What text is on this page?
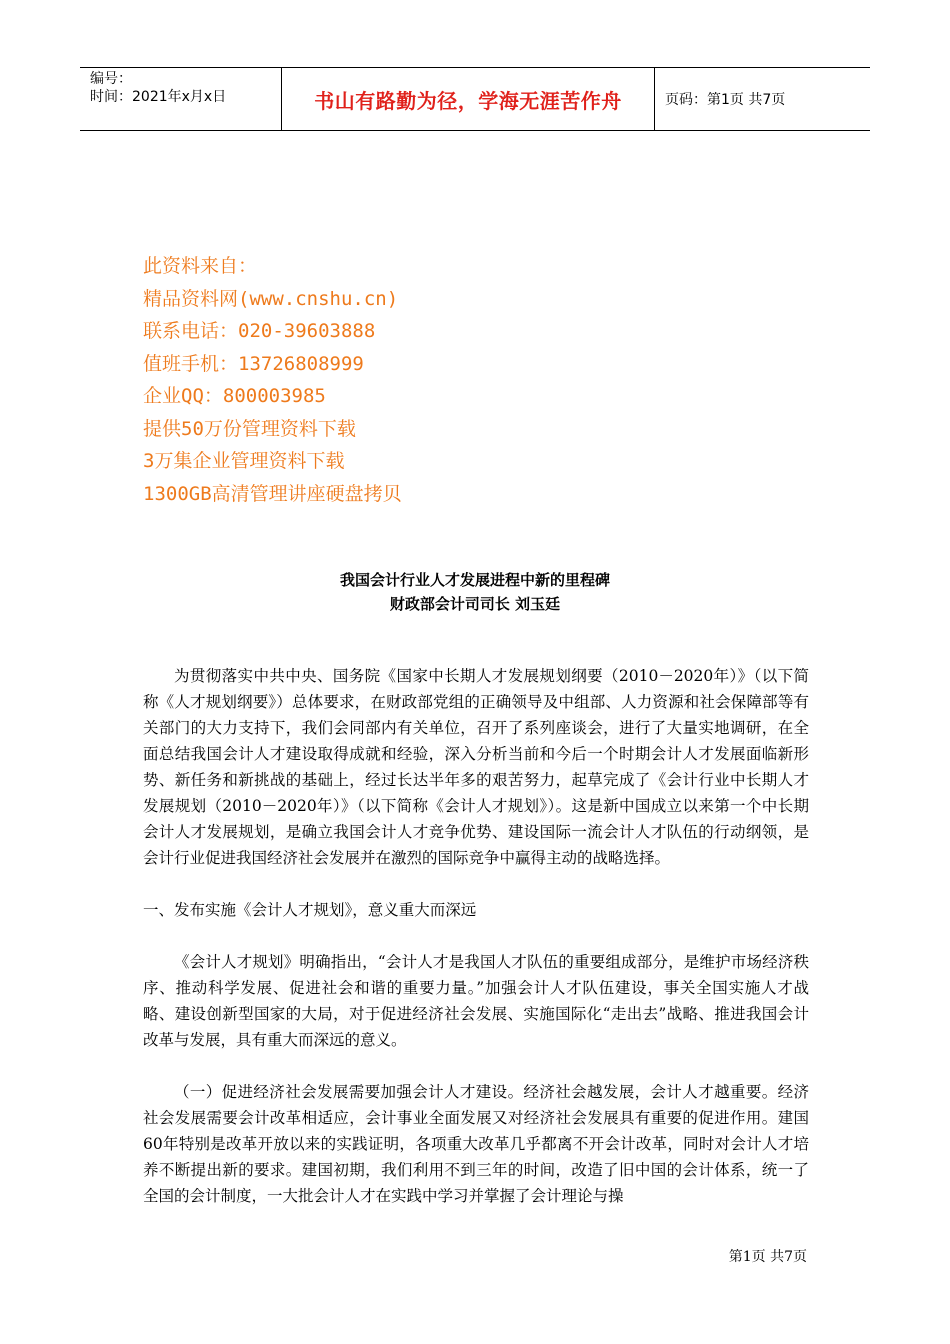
编号：
时间：2021年x月x日	书山有路勤为径，学海无涯苦作舟	页码：第1页 共7页
此资料来自：
精品资料网(www.cnshu.cn)
联系电话：020-39603888
值班手机：13726808999
企业QQ：800003985
提供50万份管理资料下载
3万集企业管理资料下载
1300GB高清管理讲座硬盘拷贝
我国会计行业人才发展进程中新的里程碑
财政部会计司司长 刘玉廷

为贯彻落实中共中央、国务院《国家中长期人才发展规划纲要（2010－2020年）》（以下简称《人才规划纲要》）总体要求，在财政部党组的正确领导及中组部、人力资源和社会保障部等有关部门的大力支持下，我们会同部内有关单位，召开了系列座谈会，进行了大量实地调研，在全面总结我国会计人才建设取得成就和经验，深入分析当前和今后一个时期会计人才发展面临新形势、新任务和新挑战的基础上，经过长达半年多的艰苦努力，起草完成了《会计行业中长期人才发展规划（2010－2020年）》（以下简称《会计人才规划》）。这是新中国成立以来第一个中长期会计人才发展规划，是确立我国会计人才竞争优势、建设国际一流会计人才队伍的行动纲领，是会计行业促进我国经济社会发展并在激烈的国际竞争中赢得主动的战略选择。

一、发布实施《会计人才规划》，意义重大而深远

《会计人才规划》明确指出，“会计人才是我国人才队伍的重要组成部分，是维护市场经济秩序、推动科学发展、促进社会和谐的重要力量。”加强会计人才队伍建设，事关全国实施人才战略、建设创新型国家的大局，对于促进经济社会发展、实施国际化“走出去”战略、推进我国会计改革与发展，具有重大而深远的意义。

（一）促进经济社会发展需要加强会计人才建设。经济社会越发展，会计人才越重要。经济社会发展需要会计改革相适应，会计事业全面发展又对经济社会发展具有重要的促进作用。建国60年特别是改革开放以来的实践证明，各项重大改革几乎都离不开会计改革，同时对会计人才培养不断提出新的要求。建国初期，我们利用不到三年的时间，改造了旧中国的会计体系，统一了全国的会计制度，一大批会计人才在实践中学习并掌握了会计理论与操

第1页 共7页
